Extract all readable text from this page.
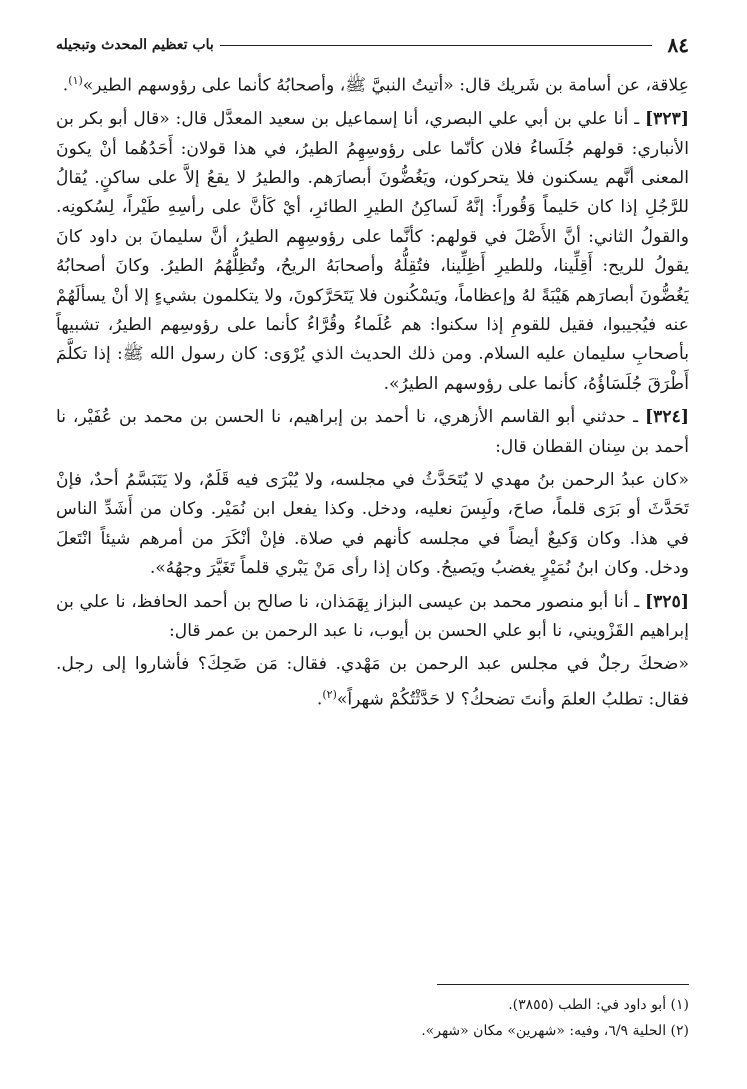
٨٤
باب تعظيم المحدث وتبجيله

عِلاقة، عن أسامة بن شَريك قال: «أتيتُ النبيَّ ﷺ، وأصحابُهُ كأنما على رؤوسهم الطير»$^{(١)}$.

[٣٢٣] ـ أنا علي بن أبي علي البصري، أنا إسماعيل بن سعيد المعدَّل قال: «قال أبو بكر بن الأنباري: قولهم جُلَساءُ فلان كأنّما على رؤوسِهِمُ الطيرُ، في هذا قولان: أَحَدُهُما أنْ يكونَ المعنى أنَّهم يسكنون فلا يتحركون، ويَغُضُّونَ أبصارَهم. والطيرُ لا يقعُ إلاَّ على ساكنٍ. يُقالُ للرَّجُلِ إذا كان حَليماً وَقُوراً: إنَّهُ لَساكِنُ الطيرِ الطائرِ، أيْ كَأنَّ على رأسِهِ طَيْراً، لِسُكونِه. والقولُ الثاني: أنَّ الأَصْلَ في قولهم: كأنَّما على رؤوسِهِم الطيرُ، أنَّ سليمانَ بن داود كانَ يقولُ للريح: أَقِلِّينا، وللطيرِ أَظِلِّينا، فتُقِلُّهُ وأصحابَهُ الريحُ، وتُظِلُّهُمُ الطيرُ. وكانَ أصحابُهُ يَغُضُّونَ أبصارَهم هَيْبَةً لهُ وإعظاماً، ويَسْكُنون فلا يَتَحَرَّكونَ، ولا يتكلمون بشيءٍ إلا أنْ يسألَهُمْ عنه فيُجيبوا، فقيل للقومِ إذا سكنوا: هم عُلَماءُ وقُرَّاءُ كأنما على رؤوسِهم الطيرُ، تشبيهاً بأصحابِ سليمان عليه السلام. ومن ذلك الحديث الذي يُرْوَى: كان رسول الله ﷺ: إذا تكلَّمَ أَطْرَقَ جُلَسَاؤُهُ، كأنما على رؤوسهم الطيرُ».

[٣٢٤] ـ حدثني أبو القاسم الأزهري، نا أحمد بن إبراهيم، نا الحسن بن محمد بن عُفَيْر، نا أحمد بن سِنان القطان قال:

«كان عبدُ الرحمن بنُ مهدي لا يُتَحَدَّثُ في مجلسه، ولا يُبْرَى فيه قَلَمٌ، ولا يَتَبَسَّمُ أحدٌ، فإنْ تَحَدَّثَ أو بَرَى قلماً، صاحَ، ولَبِسَ نعليه، ودخل. وكذا يفعل ابن نُمَيْر. وكان من أَشَدِّ الناس في هذا. وكان وَكيعٌ أيضاً في مجلسه كأنهم في صلاة. فإنْ أنْكَرَ من أمرهم شيئاً انْتَعلَ ودخل. وكان ابنُ نُمَيْرٍ يغضبُ ويَصيحُ. وكان إذا رأى مَنْ يَبْري قلماً تَغَيَّرَ وجهُهُ».

[٣٢٥] ـ أنا أبو منصور محمد بن عيسى البزاز بِهَمَذان، نا صالح بن أحمد الحافظ، نا علي بن إبراهيم القَزْويني، نا أبو علي الحسن بن أيوب، نا عبد الرحمن بن عمر قال:

«ضحكَ رجلٌ في مجلس عبد الرحمن بن مَهْدي. فقال: مَن ضَحِكَ؟ فأشاروا إلى رجل. فقال: تطلبُ العلمَ وأنتَ تضحكُ؟ لا حَدَّثْتُكُمْ شهراً»$^{(٢)}$.

(١) أبو داود في: الطب (٣٨٥٥).

(٢) الحلية ٦/٩، وفيه: «شهرين» مكان «شهر».
